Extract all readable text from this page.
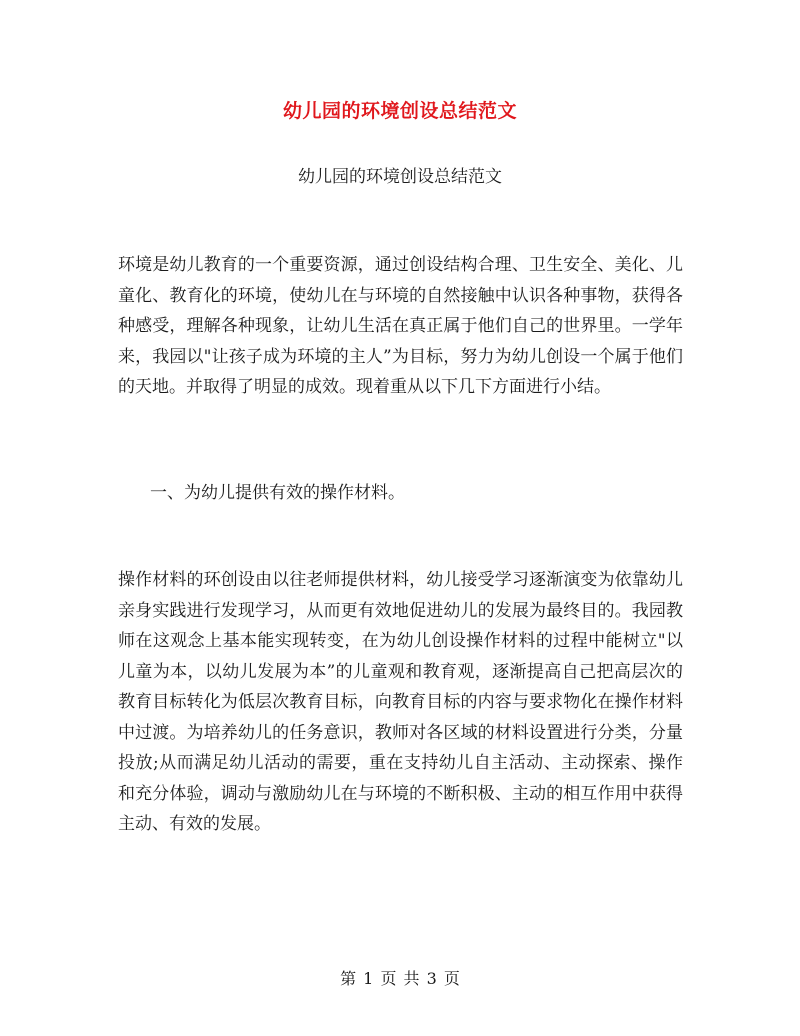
幼儿园的环境创设总结范文
幼儿园的环境创设总结范文

环境是幼儿教育的一个重要资源，通过创设结构合理、卫生安全、美化、儿童化、教育化的环境，使幼儿在与环境的自然接触中认识各种事物，获得各种感受，理解各种现象，让幼儿生活在真正属于他们自己的世界里。一学年来，我园以"让孩子成为环境的主人”为目标，努力为幼儿创设一个属于他们的天地。并取得了明显的成效。现着重从以下几下方面进行小结。

一、为幼儿提供有效的操作材料。

操作材料的环创设由以往老师提供材料，幼儿接受学习逐渐演变为依靠幼儿亲身实践进行发现学习，从而更有效地促进幼儿的发展为最终目的。我园教师在这观念上基本能实现转变，在为幼儿创设操作材料的过程中能树立"以儿童为本，以幼儿发展为本”的儿童观和教育观，逐渐提高自己把高层次的教育目标转化为低层次教育目标，向教育目标的内容与要求物化在操作材料中过渡。为培养幼儿的任务意识，教师对各区域的材料设置进行分类，分量投放;从而满足幼儿活动的需要，重在支持幼儿自主活动、主动探索、操作和充分体验，调动与激励幼儿在与环境的不断积极、主动的相互作用中获得主动、有效的发展。

第 1 页 共 3 页
